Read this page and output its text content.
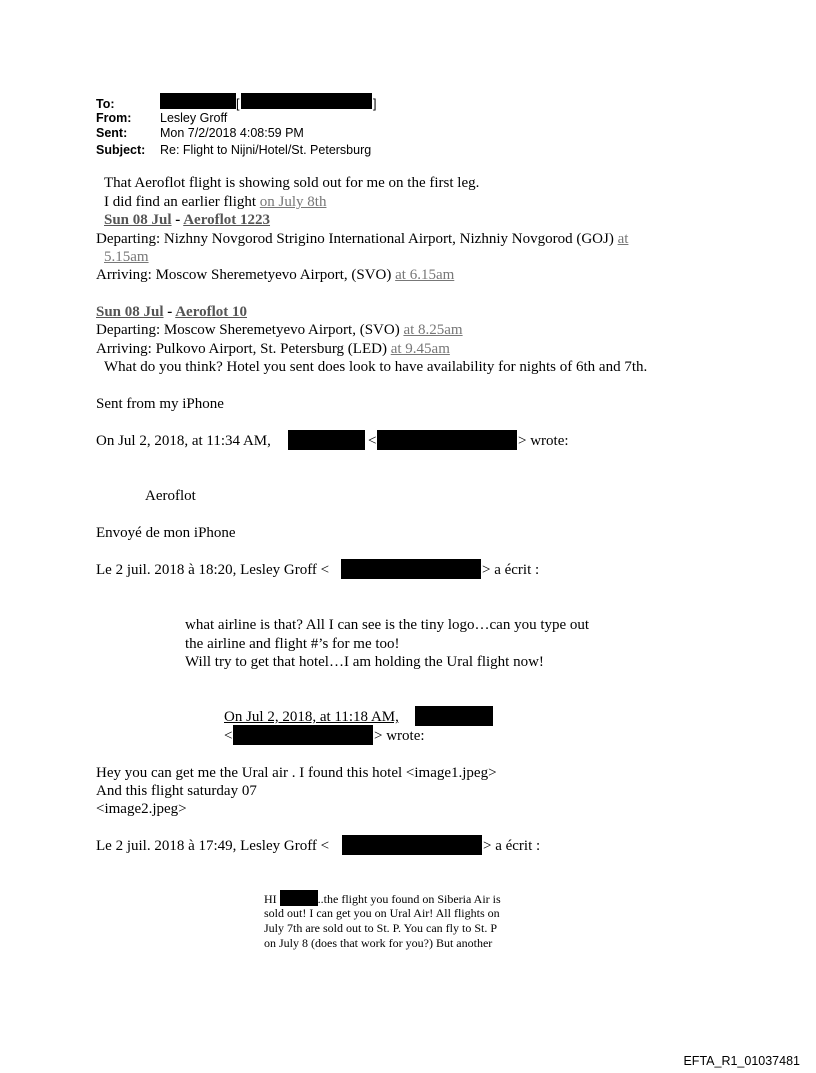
To:	[	]
From: Lesley Groff
Sent:	Mon 7/2/2018 4:08:59 PM
Subject: Re: Flight to Nijni/Hotel/St. Petersburg
That Aeroflot flight is showing sold out for me on the first leg.
I did find an earlier flight on July 8th
Sun 08 Jul - Aeroflot 1223
Departing: Nizhny Novgorod Strigino International Airport, Nizhniy Novgorod (GOJ) at
5.15am
Arriving: Moscow Sheremetyevo Airport, (SVO) at 6.15am
Sun 08 Jul - Aeroflot 10
Departing: Moscow Sheremetyevo Airport, (SVO) at 8.25am
Arriving: Pulkovo Airport, St. Petersburg (LED) at 9.45am
What do you think? Hotel you sent does look to have availability for nights of 6th and 7th.
Sent from my iPhone
On Jul 2, 2018, at 11:34 AM,	<	> wrote:
Aeroflot
Envoyé de mon iPhone
Le 2 juil. 2018 à 18:20, Lesley Groff <	> a écrit :
what airline is that? All I can see is the tiny logo…can you type out
the airline and flight #’s for me too!
Will try to get that hotel…I am holding the Ural flight now!
On Jul 2, 2018, at 11:18 AM,
<	> wrote:
Hey you can get me the Ural air . I found this hotel <image1.jpeg>
And this flight saturday 07
<image2.jpeg>
Le 2 juil. 2018 à 17:49, Lesley Groff <	> a écrit :
HI	..the flight you found on Siberia Air is
sold out! I can get you on Ural Air! All flights on
July 7th are sold out to St. P. You can fly to St. P
on July 8 (does that work for you?) But another
EFTA_R1_01037481
